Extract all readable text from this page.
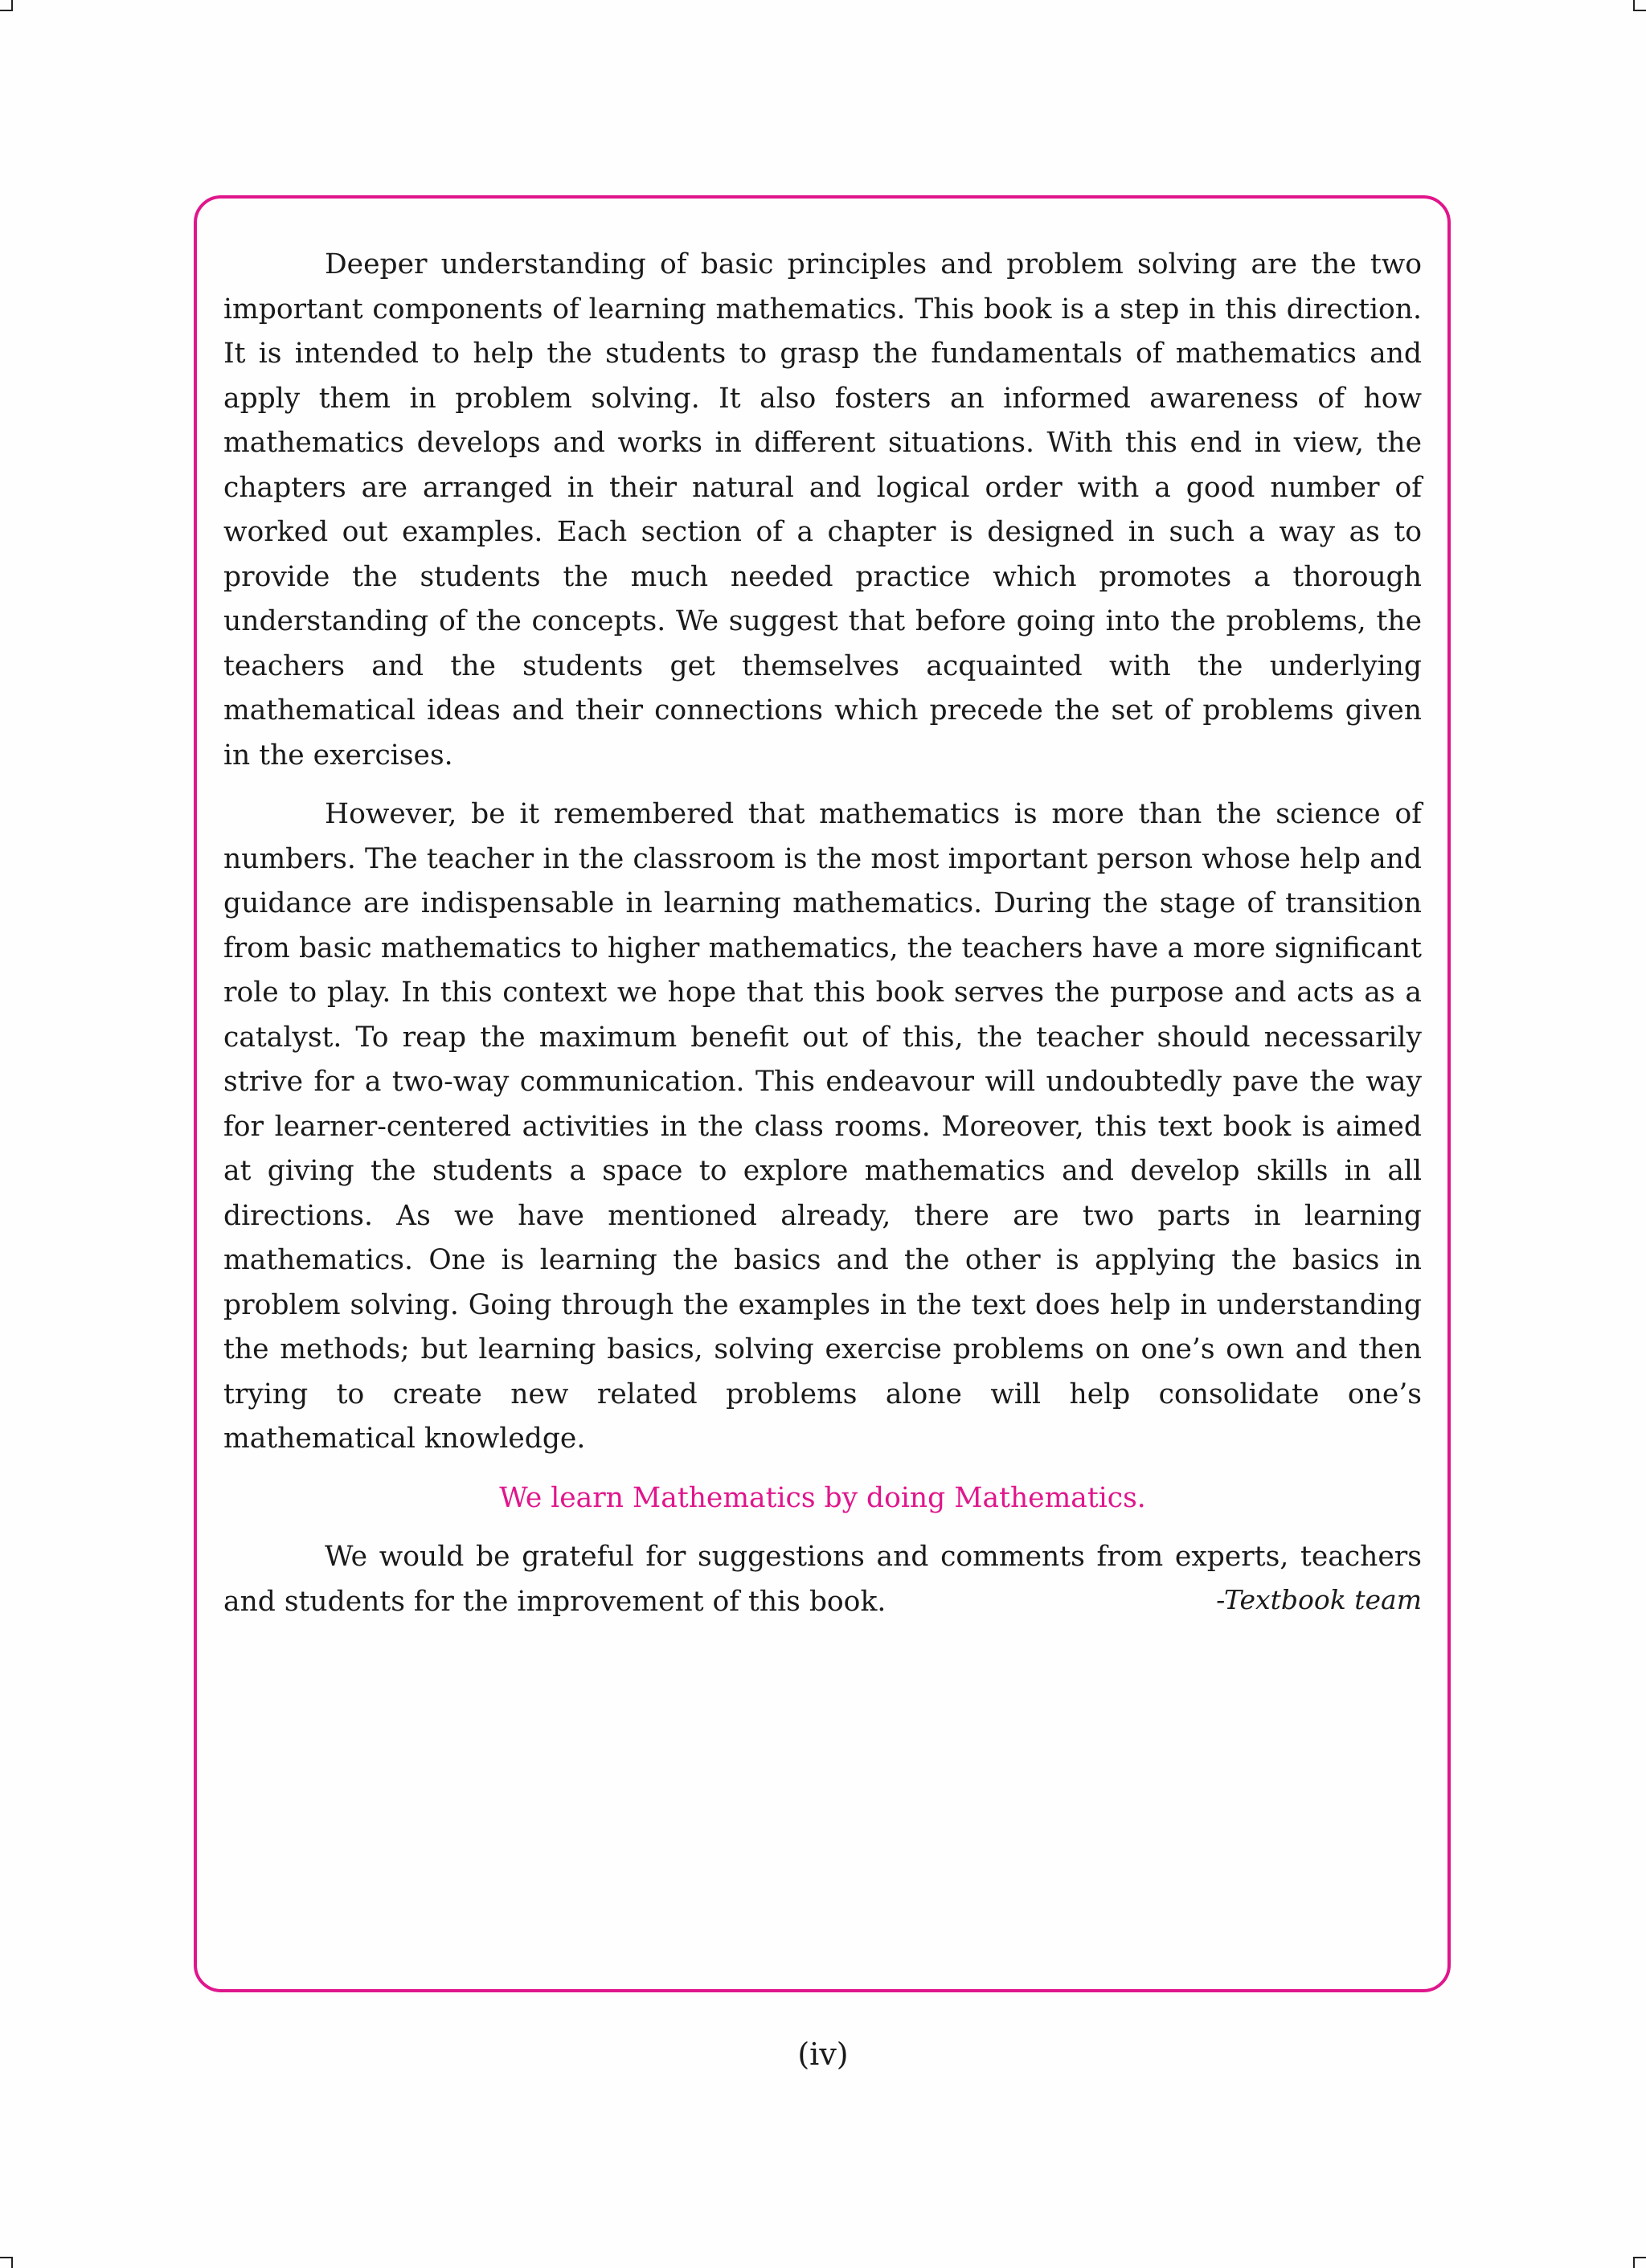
Deeper understanding of basic principles and problem solving are the two important components of learning mathematics. This book is a step in this direction. It is intended to help the students to grasp the fundamentals of mathematics and apply them in problem solving. It also fosters an informed awareness of how mathematics develops and works in different situations. With this end in view, the chapters are arranged in their natural and logical order with a good number of worked out examples. Each section of a chapter is designed in such a way as to provide the students the much needed practice which promotes a thorough understanding of the concepts. We suggest that before going into the problems, the teachers and the students get themselves acquainted with the underlying mathematical ideas and their connections which precede the set of problems given in the exercises.

However, be it remembered that mathematics is more than the science of numbers. The teacher in the classroom is the most important person whose help and guidance are indispensable in learning mathematics. During the stage of transition from basic mathematics to higher mathematics, the teachers have a more significant role to play. In this context we hope that this book serves the purpose and acts as a catalyst. To reap the maximum benefit out of this, the teacher should necessarily strive for a two-way communication. This endeavour will undoubtedly pave the way for learner-centered activities in the class rooms. Moreover, this text book is aimed at giving the students a space to explore mathematics and develop skills in all directions. As we have mentioned already, there are two parts in learning mathematics. One is learning the basics and the other is applying the basics in problem solving. Going through the examples in the text does help in understanding the methods; but learning basics, solving exercise problems on one’s own and then trying to create new related problems alone will help consolidate one’s mathematical knowledge.

We learn Mathematics by doing Mathematics.

We would be grateful for suggestions and comments from experts, teachers and students for the improvement of this book.	-Textbook team
(iv)
